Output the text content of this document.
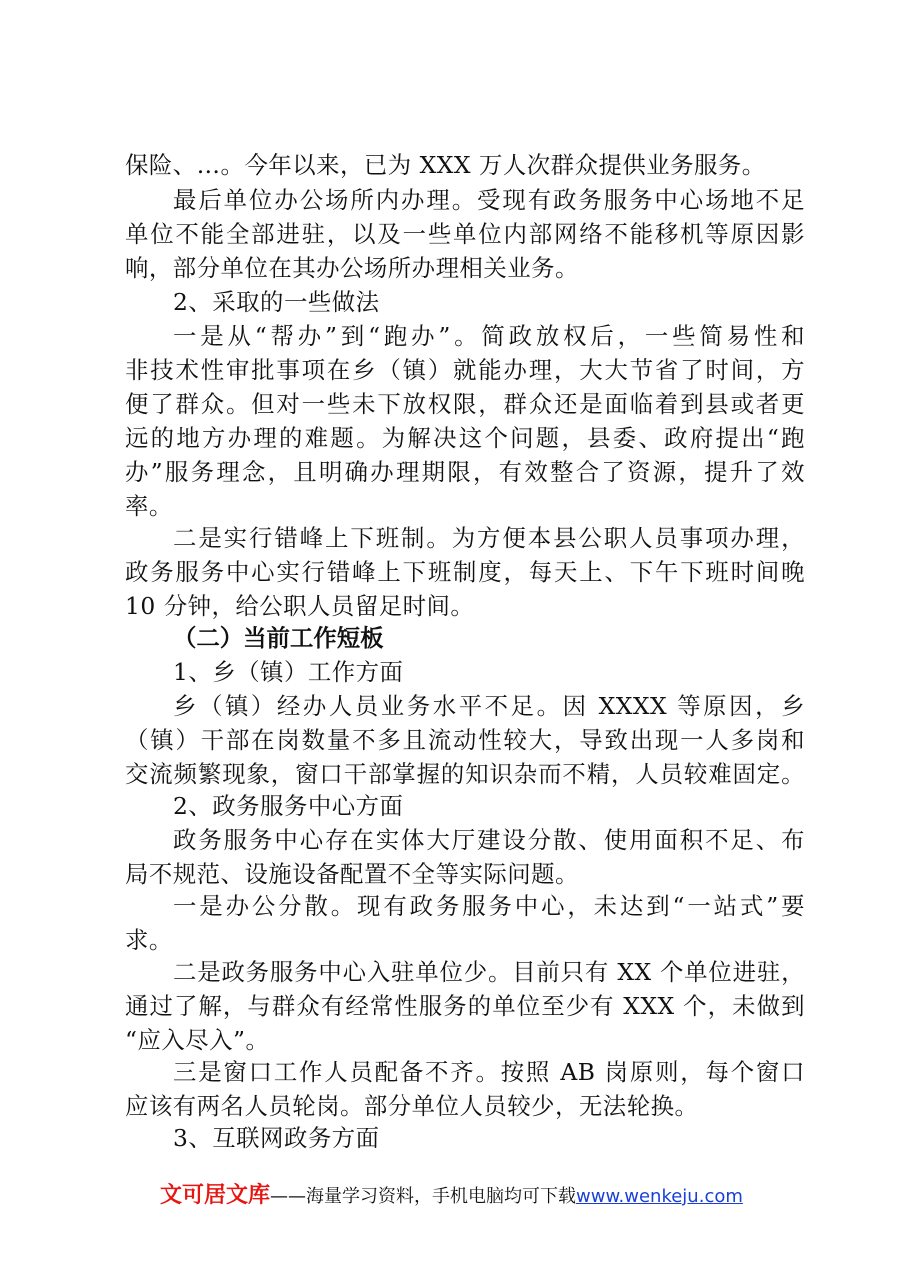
保险、…。今年以来，已为 XXX 万人次群众提供业务服务。
最后单位办公场所内办理。受现有政务服务中心场地不足
单位不能全部进驻，以及一些单位内部网络不能移机等原因影
响，部分单位在其办公场所办理相关业务。
2、采取的一些做法
一是从“帮办”到“跑办”。简政放权后，一些简易性和
非技术性审批事项在乡（镇）就能办理，大大节省了时间，方
便了群众。但对一些未下放权限，群众还是面临着到县或者更
远的地方办理的难题。为解决这个问题，县委、政府提出“跑
办”服务理念，且明确办理期限，有效整合了资源，提升了效
率。
二是实行错峰上下班制。为方便本县公职人员事项办理，
政务服务中心实行错峰上下班制度，每天上、下午下班时间晚
10 分钟，给公职人员留足时间。
（二）当前工作短板
1、乡（镇）工作方面
乡（镇）经办人员业务水平不足。因 XXXX 等原因，乡
（镇）干部在岗数量不多且流动性较大，导致出现一人多岗和
交流频繁现象，窗口干部掌握的知识杂而不精，人员较难固定。
2、政务服务中心方面
政务服务中心存在实体大厅建设分散、使用面积不足、布
局不规范、设施设备配置不全等实际问题。
一是办公分散。现有政务服务中心，未达到“一站式”要
求。
二是政务服务中心入驻单位少。目前只有 XX 个单位进驻，
通过了解，与群众有经常性服务的单位至少有 XXX 个，未做到
“应入尽入”。
三是窗口工作人员配备不齐。按照 AB 岗原则，每个窗口
应该有两名人员轮岗。部分单位人员较少，无法轮换。
3、互联网政务方面
文可居文库——海量学习资料，手机电脑均可下载www.wenkeju.com
